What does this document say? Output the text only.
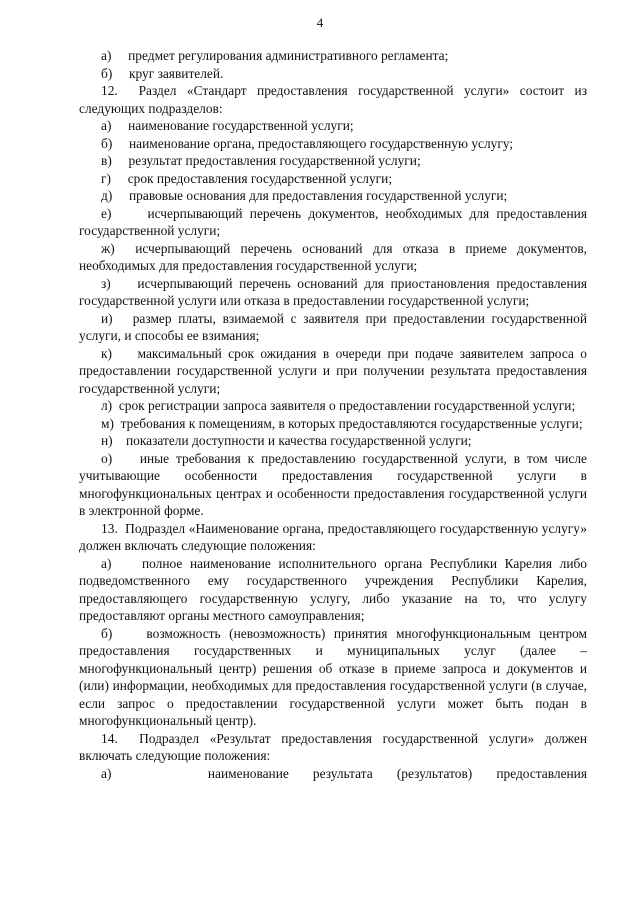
4

а)     предмет регулирования административного регламента;

б)     круг заявителей.

12.  Раздел «Стандарт предоставления государственной услуги» состоит из следующих подразделов:

а)     наименование государственной услуги;

б)     наименование органа, предоставляющего государственную услугу;

в)     результат предоставления государственной услуги;

г)     срок предоставления государственной услуги;

д)     правовые основания для предоставления государственной услуги;

е)     исчерпывающий перечень документов, необходимых для предоставления государственной услуги;

ж)  исчерпывающий перечень оснований для отказа в приеме документов, необходимых для предоставления государственной услуги;

з)    исчерпывающий перечень оснований для приостановления предоставления государственной услуги или отказа в предоставлении государственной услуги;

и)   размер платы, взимаемой с заявителя при предоставлении государственной услуги, и способы ее взимания;

к)    максимальный срок ожидания в очереди при подаче заявителем запроса о предоставлении государственной услуги и при получении результата предоставления государственной услуги;

л)  срок регистрации запроса заявителя о предоставлении государственной услуги;

м)  требования к помещениям, в которых предоставляются государственные услуги;

н)    показатели доступности и качества государственной услуги;

о)    иные требования к предоставлению государственной услуги, в том числе учитывающие особенности предоставления государственной услуги в многофункциональных центрах и особенности предоставления государственной услуги в электронной форме.

13.  Подраздел «Наименование органа, предоставляющего государственную услугу» должен включать следующие положения:

а)    полное наименование исполнительного органа Республики Карелия либо подведомственного ему государственного учреждения Республики Карелия, предоставляющего государственную услугу, либо указание на то, что услугу предоставляют органы местного самоуправления;

б)    возможность (невозможность) принятия многофункциональным центром предоставления государственных и муниципальных услуг (далее – многофункциональный центр) решения об отказе в приеме запроса и документов и (или) информации, необходимых для предоставления государственной услуги (в случае, если запрос о предоставлении государственной услуги может быть подан в многофункциональный центр).

14.  Подраздел «Результат предоставления государственной услуги» должен включать следующие положения:

а)    наименование результата (результатов) предоставления
